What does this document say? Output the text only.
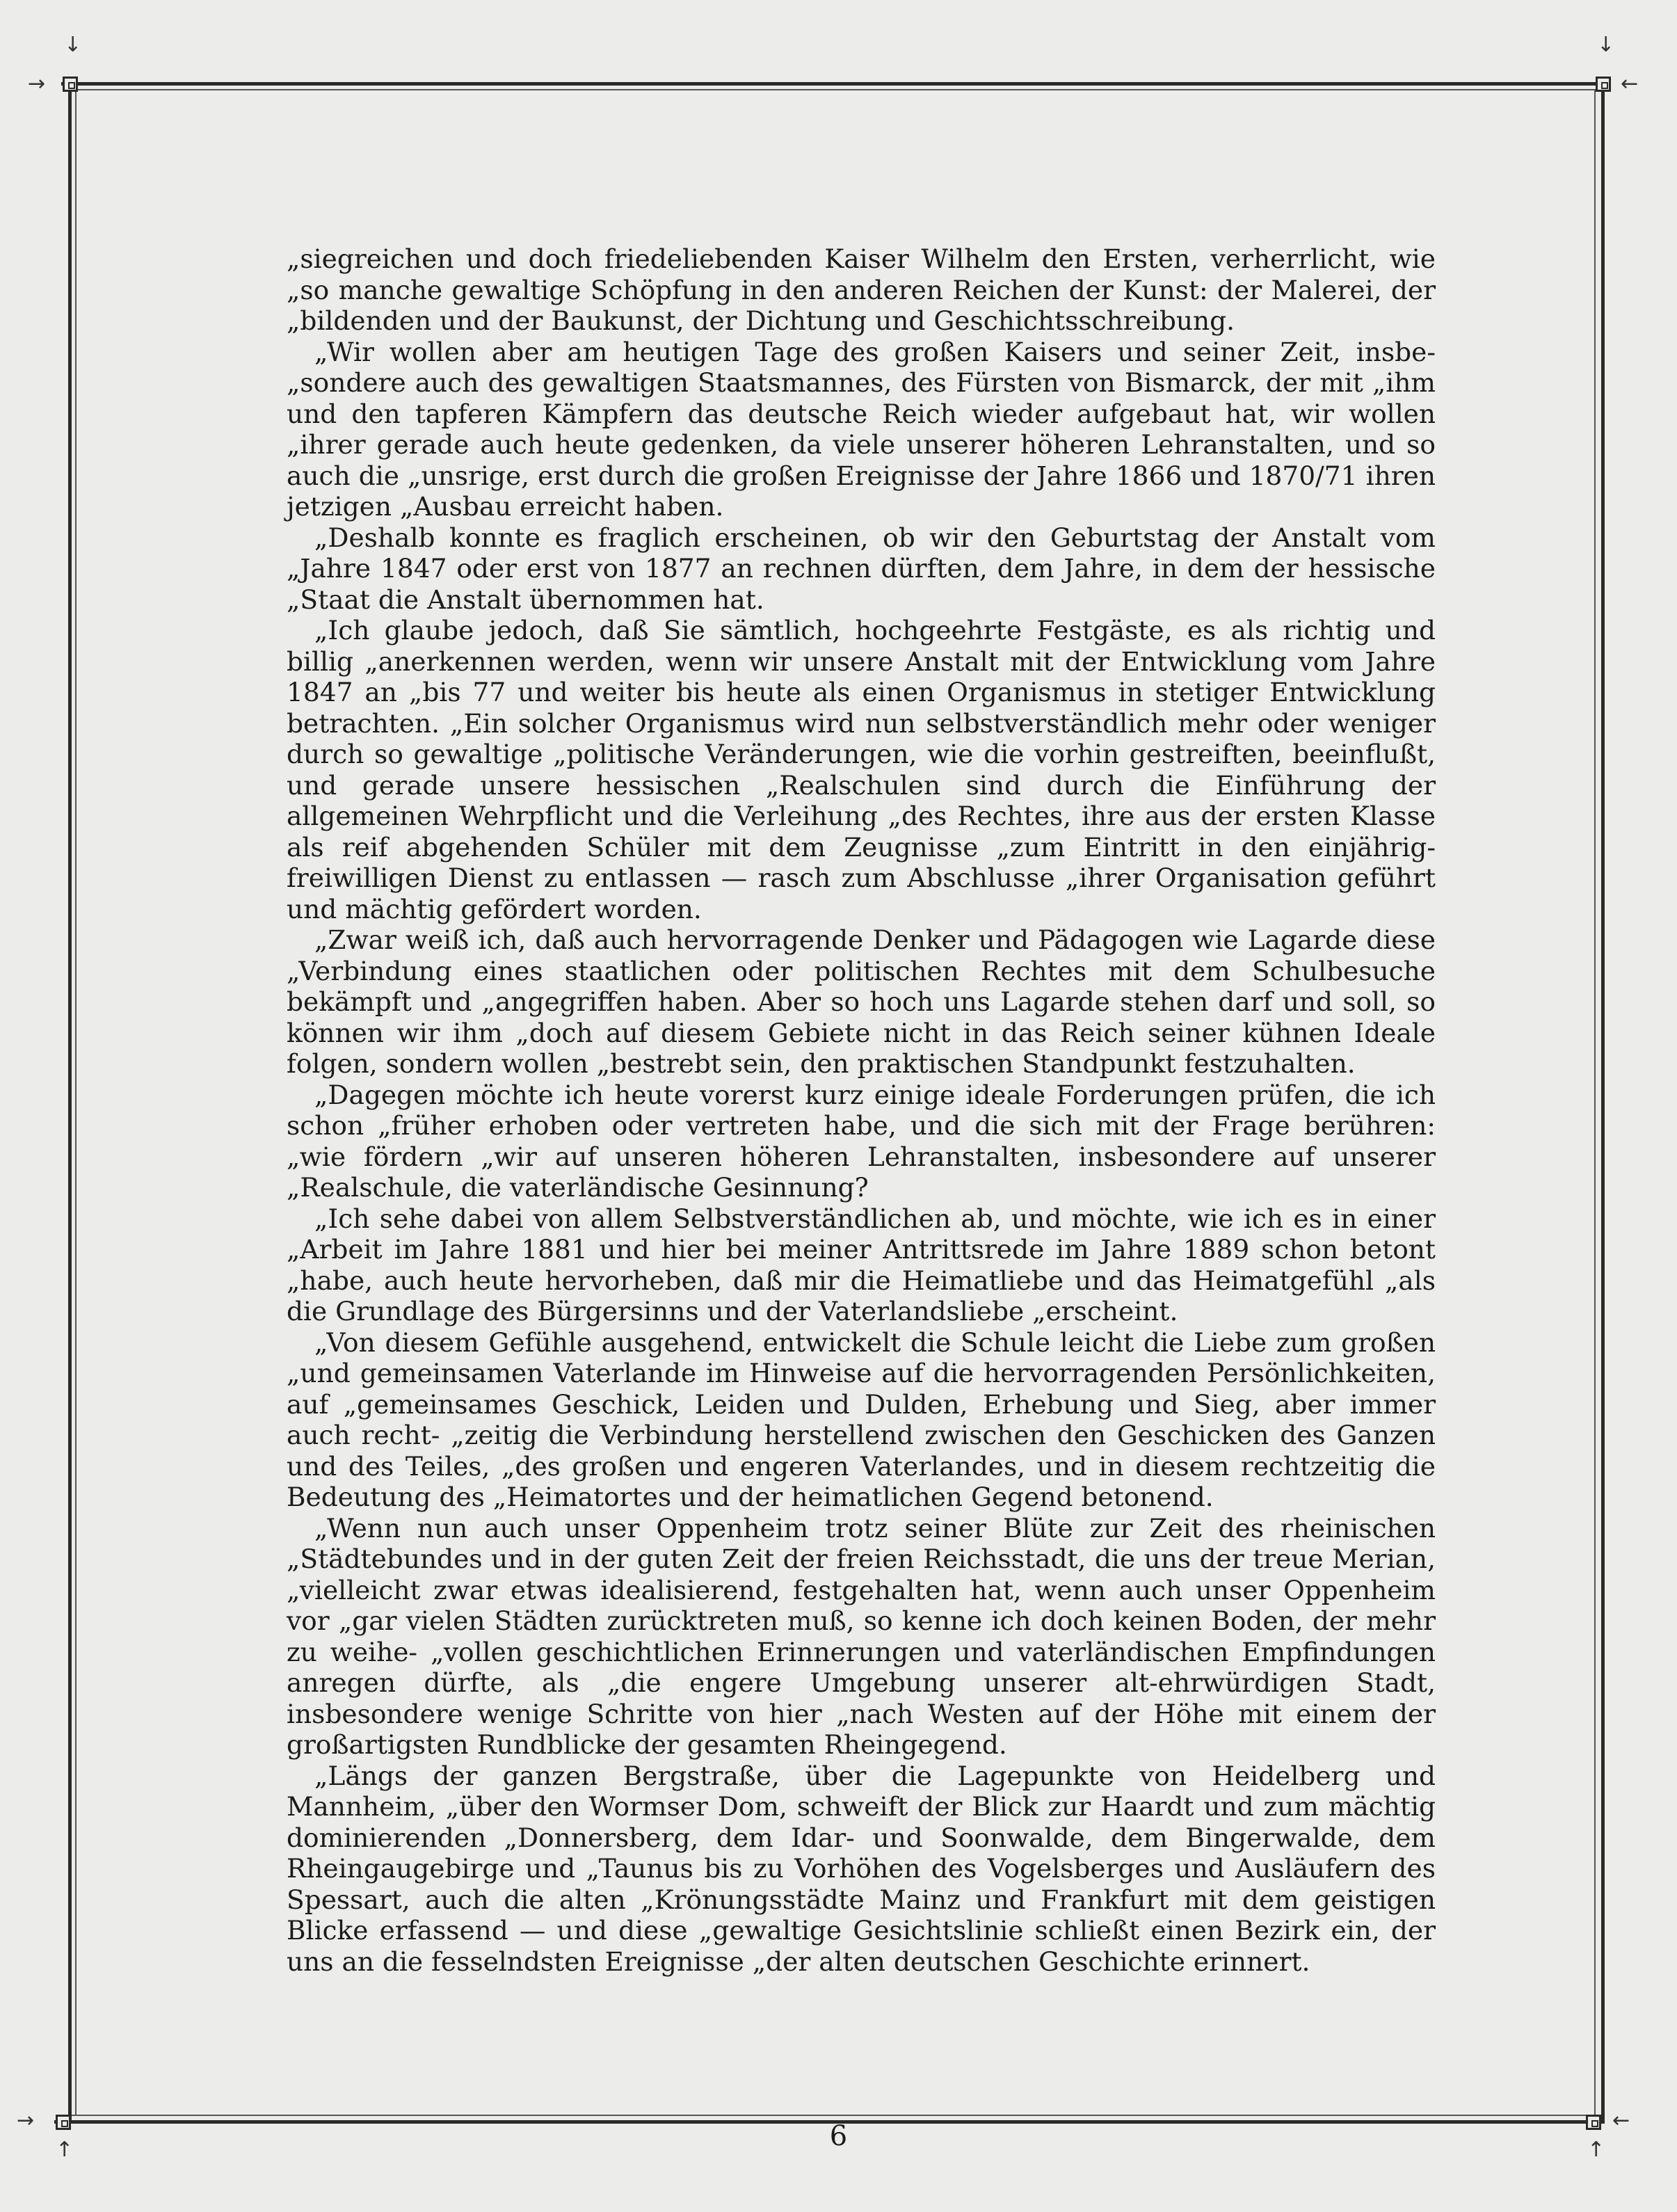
↓
→
↓
←
→
↑
←
↑

„siegreichen und doch friedeliebenden Kaiser Wilhelm den Ersten, verherrlicht, wie „so manche gewaltige Schöpfung in den anderen Reichen der Kunst: der Malerei, der „bildenden und der Baukunst, der Dichtung und Geschichtsschreibung.

„Wir wollen aber am heutigen Tage des großen Kaisers und seiner Zeit, insbe- „sondere auch des gewaltigen Staatsmannes, des Fürsten von Bismarck, der mit „ihm und den tapferen Kämpfern das deutsche Reich wieder aufgebaut hat, wir wollen „ihrer gerade auch heute gedenken, da viele unserer höheren Lehranstalten, und so auch die „unsrige, erst durch die großen Ereignisse der Jahre 1866 und 1870/71 ihren jetzigen „Ausbau erreicht haben.

„Deshalb konnte es fraglich erscheinen, ob wir den Geburtstag der Anstalt vom „Jahre 1847 oder erst von 1877 an rechnen dürften, dem Jahre, in dem der hessische „Staat die Anstalt übernommen hat.

„Ich glaube jedoch, daß Sie sämtlich, hochgeehrte Festgäste, es als richtig und billig „anerkennen werden, wenn wir unsere Anstalt mit der Entwicklung vom Jahre 1847 an „bis 77 und weiter bis heute als einen Organismus in stetiger Entwicklung betrachten. „Ein solcher Organismus wird nun selbstverständlich mehr oder weniger durch so gewaltige „politische Veränderungen, wie die vorhin gestreiften, beeinflußt, und gerade unsere hessischen „Realschulen sind durch die Einführung der allgemeinen Wehrpflicht und die Verleihung „des Rechtes, ihre aus der ersten Klasse als reif abgehenden Schüler mit dem Zeugnisse „zum Eintritt in den einjährig-freiwilligen Dienst zu entlassen — rasch zum Abschlusse „ihrer Organisation geführt und mächtig gefördert worden.

„Zwar weiß ich, daß auch hervorragende Denker und Pädagogen wie Lagarde diese „Verbindung eines staatlichen oder politischen Rechtes mit dem Schulbesuche bekämpft und „angegriffen haben. Aber so hoch uns Lagarde stehen darf und soll, so können wir ihm „doch auf diesem Gebiete nicht in das Reich seiner kühnen Ideale folgen, sondern wollen „bestrebt sein, den praktischen Standpunkt festzuhalten.

„Dagegen möchte ich heute vorerst kurz einige ideale Forderungen prüfen, die ich schon „früher erhoben oder vertreten habe, und die sich mit der Frage berühren: „wie fördern „wir auf unseren höheren Lehranstalten, insbesondere auf unserer „Realschule, die vaterländische Gesinnung?

„Ich sehe dabei von allem Selbstverständlichen ab, und möchte, wie ich es in einer „Arbeit im Jahre 1881 und hier bei meiner Antrittsrede im Jahre 1889 schon betont „habe, auch heute hervorheben, daß mir die Heimatliebe und das Heimatgefühl „als die Grundlage des Bürgersinns und der Vaterlandsliebe „erscheint.

„Von diesem Gefühle ausgehend, entwickelt die Schule leicht die Liebe zum großen „und gemeinsamen Vaterlande im Hinweise auf die hervorragenden Persönlichkeiten, auf „gemeinsames Geschick, Leiden und Dulden, Erhebung und Sieg, aber immer auch recht- „zeitig die Verbindung herstellend zwischen den Geschicken des Ganzen und des Teiles, „des großen und engeren Vaterlandes, und in diesem rechtzeitig die Bedeutung des „Heimatortes und der heimatlichen Gegend betonend.

„Wenn nun auch unser Oppenheim trotz seiner Blüte zur Zeit des rheinischen „Städtebundes und in der guten Zeit der freien Reichsstadt, die uns der treue Merian, „vielleicht zwar etwas idealisierend, festgehalten hat, wenn auch unser Oppenheim vor „gar vielen Städten zurücktreten muß, so kenne ich doch keinen Boden, der mehr zu weihe- „vollen geschichtlichen Erinnerungen und vaterländischen Empfindungen anregen dürfte, als „die engere Umgebung unserer alt-ehrwürdigen Stadt, insbesondere wenige Schritte von hier „nach Westen auf der Höhe mit einem der großartigsten Rundblicke der gesamten Rheingegend.

„Längs der ganzen Bergstraße, über die Lagepunkte von Heidelberg und Mannheim, „über den Wormser Dom, schweift der Blick zur Haardt und zum mächtig dominierenden „Donnersberg, dem Idar- und Soonwalde, dem Bingerwalde, dem Rheingaugebirge und „Taunus bis zu Vorhöhen des Vogelsberges und Ausläufern des Spessart, auch die alten „Krönungsstädte Mainz und Frankfurt mit dem geistigen Blicke erfassend — und diese „gewaltige Gesichtslinie schließt einen Bezirk ein, der uns an die fesselndsten Ereignisse „der alten deutschen Geschichte erinnert.

6
